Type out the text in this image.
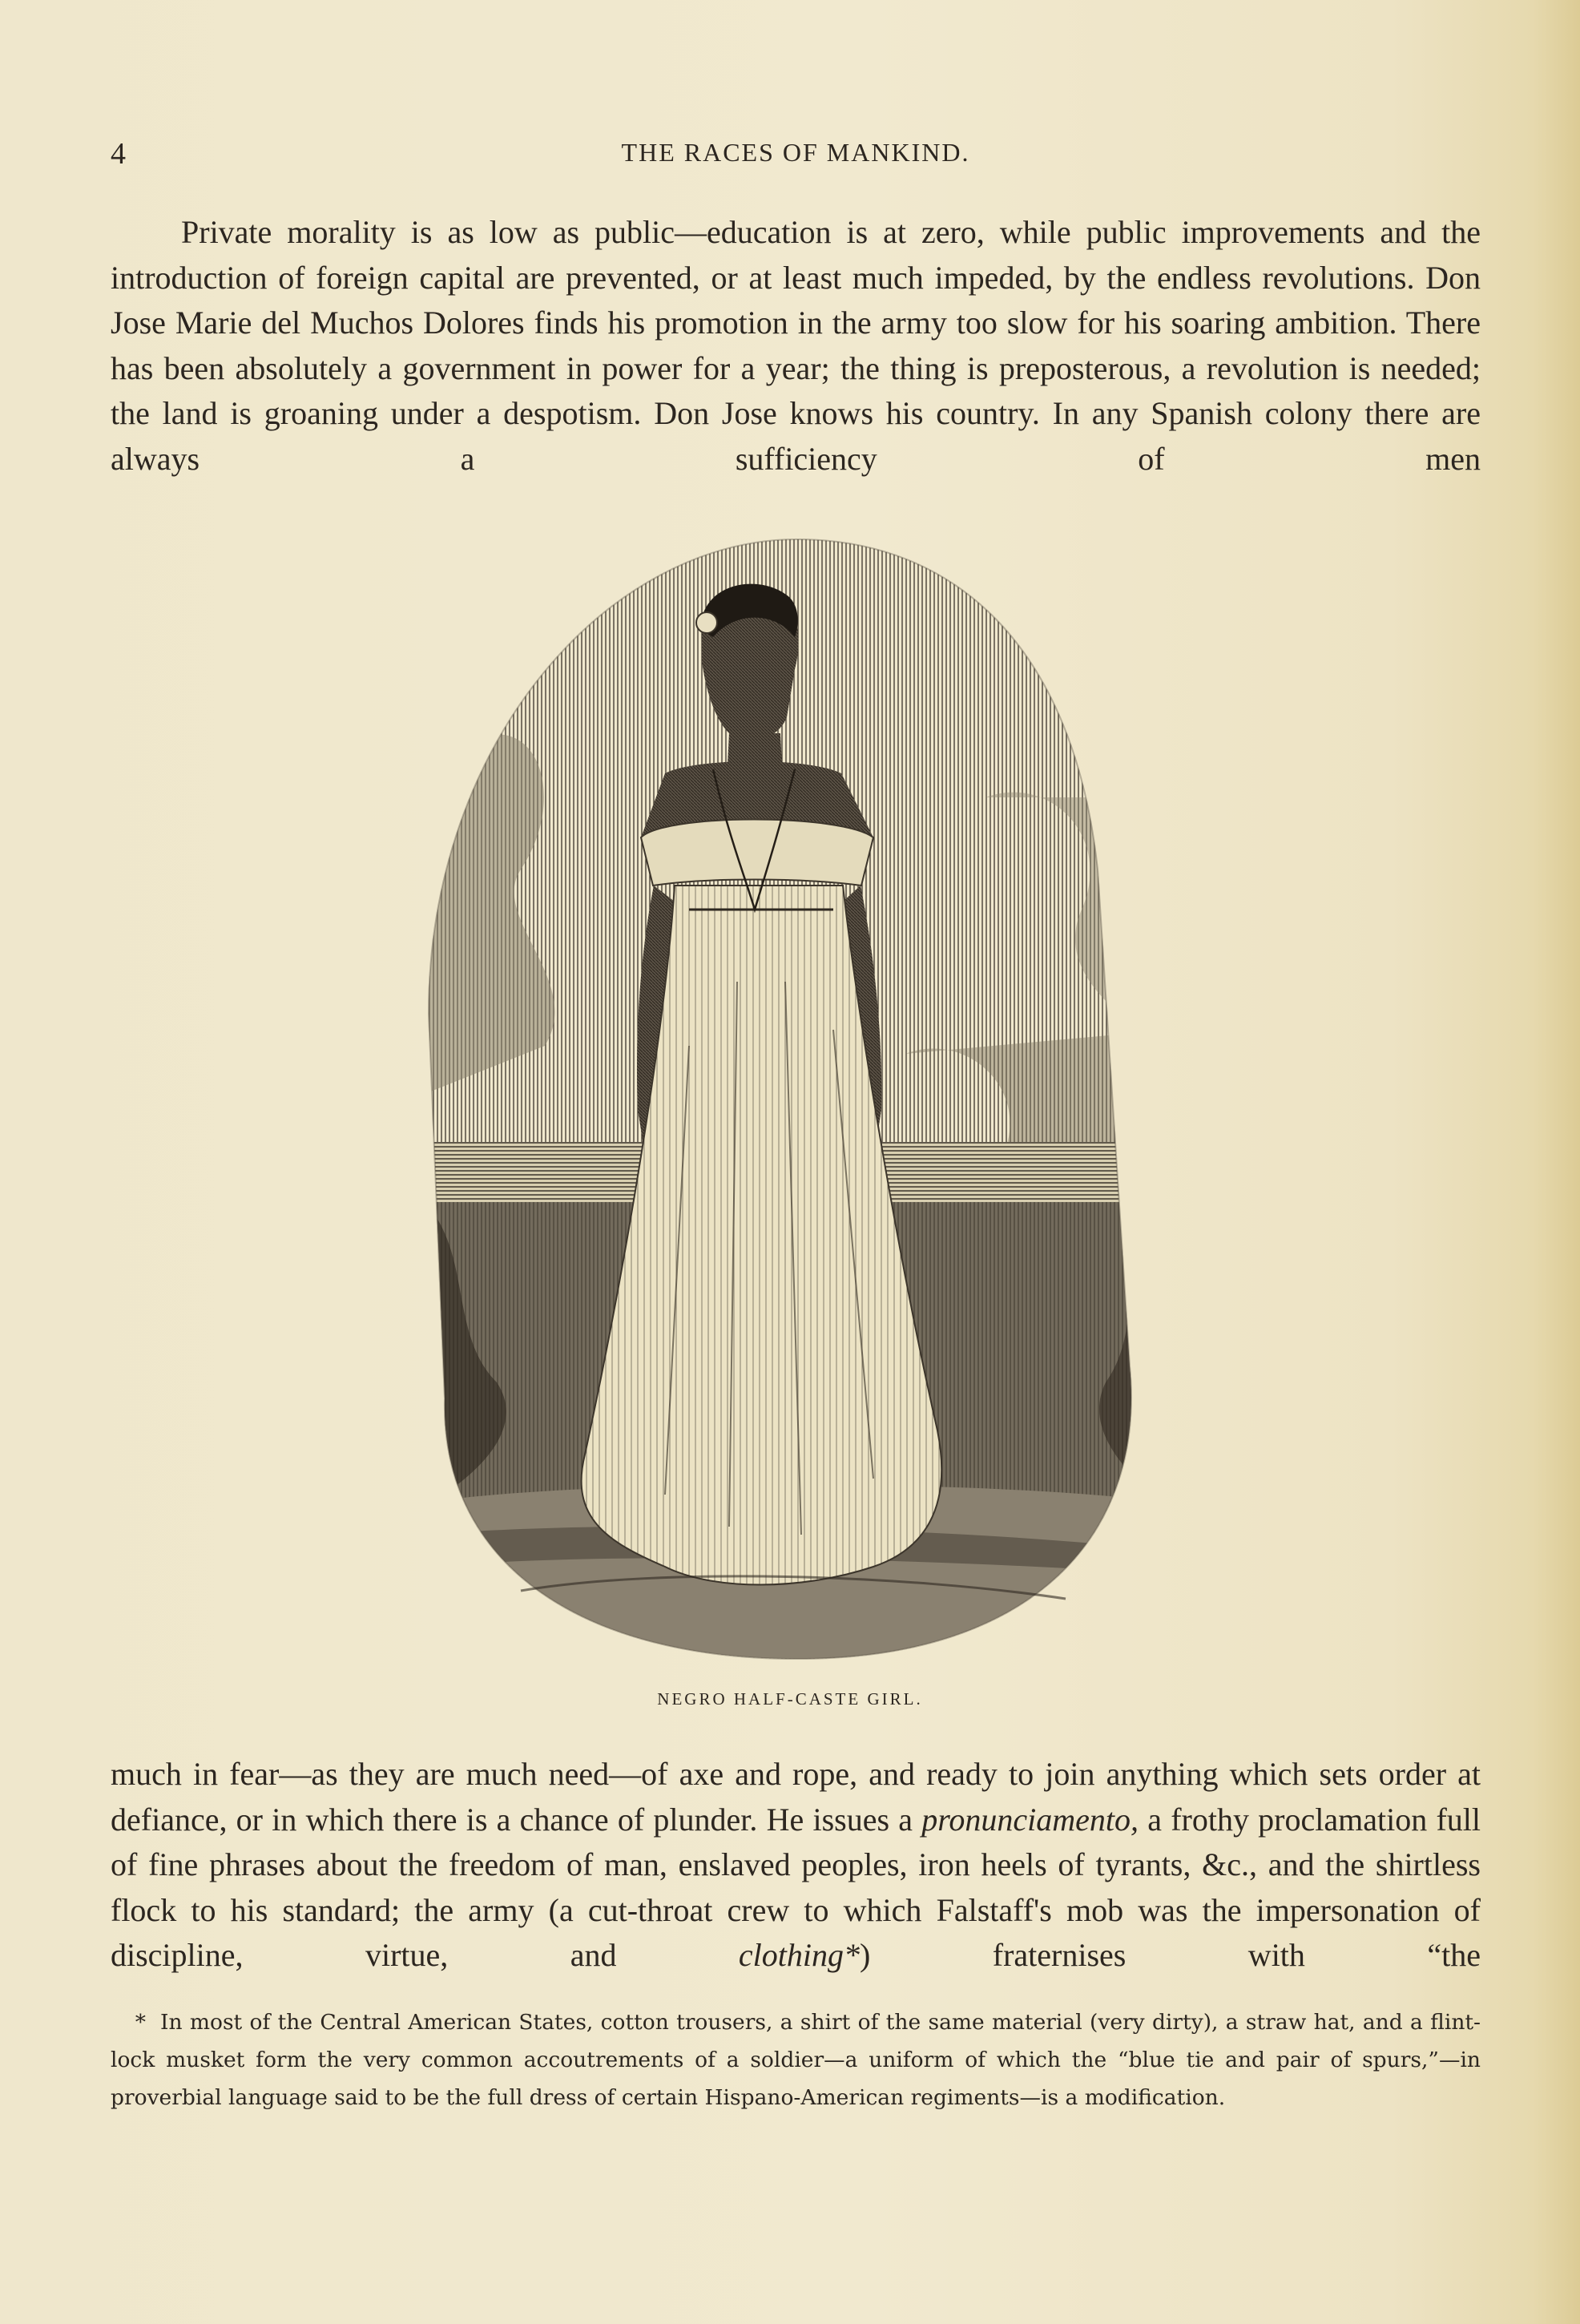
4	THE RACES OF MANKIND.

Private morality is as low as public—education is at zero, while public improvements and the introduction of foreign capital are prevented, or at least much impeded, by the endless revolutions. Don Jose Marie del Muchos Dolores finds his promotion in the army too slow for his soaring ambition. There has been absolutely a government in power for a year; the thing is preposterous, a revolution is needed; the land is groaning under a despotism. Don Jose knows his country. In any Spanish colony there are always a sufficiency of men

NEGRO HALF-CASTE GIRL.

much in fear—as they are much need—of axe and rope, and ready to join anything which sets order at defiance, or in which there is a chance of plunder. He issues a pronunciamento, a frothy proclamation full of fine phrases about the freedom of man, enslaved peoples, iron heels of tyrants, &c., and the shirtless flock to his standard; the army (a cut-throat crew to which Falstaff's mob was the impersonation of discipline, virtue, and clothing*) fraternises with “the

* In most of the Central American States, cotton trousers, a shirt of the same material (very dirty), a straw hat, and a flint-lock musket form the very common accoutrements of a soldier—a uniform of which the “blue tie and pair of spurs,”—in proverbial language said to be the full dress of certain Hispano-American regiments—is a modification.
